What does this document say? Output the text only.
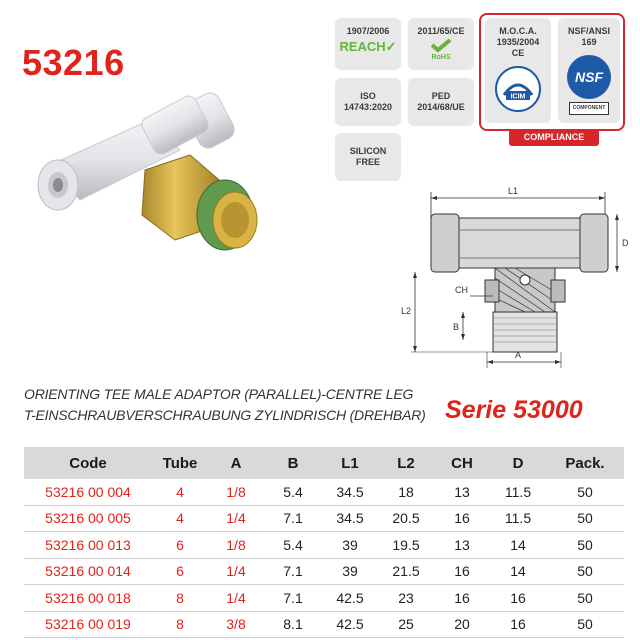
53216
1907/2006
REACH✓
2011/65/CE
RoHS
M.O.C.A.
1935/2004
CE
ICIM
NSF/ANSI
169
NSF
COMPONENT
COMPLIANCE
ISO
14743:2020
PED
2014/68/UE
SILICON
FREE
L1
D
L2
CH
B
A
ORIENTING TEE MALE ADAPTOR (PARALLEL)-CENTRE LEG
T-EINSCHRAUBVERSCHRAUBUNG ZYLINDRISCH (DREHBAR) Serie 53000
Code	Tube	A	B	L1	L2	CH	D	Pack.
53216 00 004	4	1/8	5.4	34.5	18	13	11.5	50
53216 00 005	4	1/4	7.1	34.5	20.5	16	11.5	50
53216 00 013	6	1/8	5.4	39	19.5	13	14	50
53216 00 014	6	1/4	7.1	39	21.5	16	14	50
53216 00 018	8	1/4	7.1	42.5	23	16	16	50
53216 00 019	8	3/8	8.1	42.5	25	20	16	50
